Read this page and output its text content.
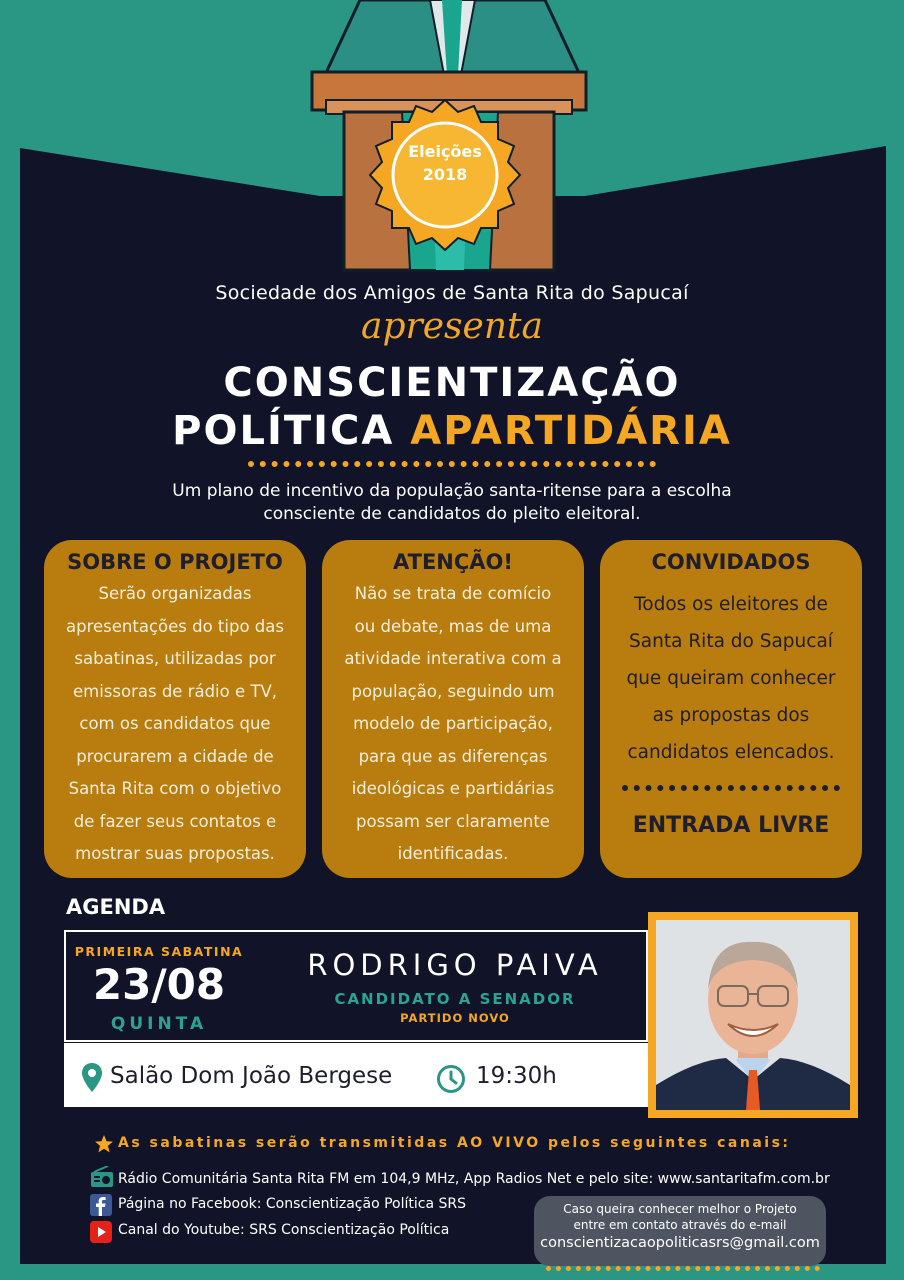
Eleições
2018
Sociedade dos Amigos de Santa Rita do Sapucaí
apresenta
CONSCIENTIZAÇÃO
POLÍTICA APARTIDÁRIA
Um plano de incentivo da população santa-ritense para a escolha
consciente de candidatos do pleito eleitoral.
SOBRE O PROJETO

Serão organizadas
apresentações do tipo das
sabatinas, utilizadas por
emissoras de rádio e TV,
com os candidatos que
procurarem a cidade de
Santa Rita com o objetivo
de fazer seus contatos e
mostrar suas propostas.

ATENÇÃO!

Não se trata de comício
ou debate, mas de uma
atividade interativa com a
população, seguindo um
modelo de participação,
para que as diferenças
ideológicas e partidárias
possam ser claramente
identificadas.

CONVIDADOS

Todos os eleitores de
Santa Rita do Sapucaí
que queiram conhecer
as propostas dos
candidatos elencados.

ENTRADA LIVRE
AGENDA
PRIMEIRA SABATINA
23/08
QUINTA
RODRIGO PAIVA
CANDIDATO A SENADOR
PARTIDO NOVO
Salão Dom João Bergese	19:30h
As sabatinas serão transmitidas AO VIVO pelos seguintes canais:
Rádio Comunitária Santa Rita FM em 104,9 MHz, App Radios Net e pelo site: www.santaritafm.com.br
Página no Facebook: Conscientização Política SRS
Canal do Youtube: SRS Conscientização Política
Caso queira conhecer melhor o Projeto
entre em contato através do e-mail
conscientizacaopoliticasrs@gmail.com
